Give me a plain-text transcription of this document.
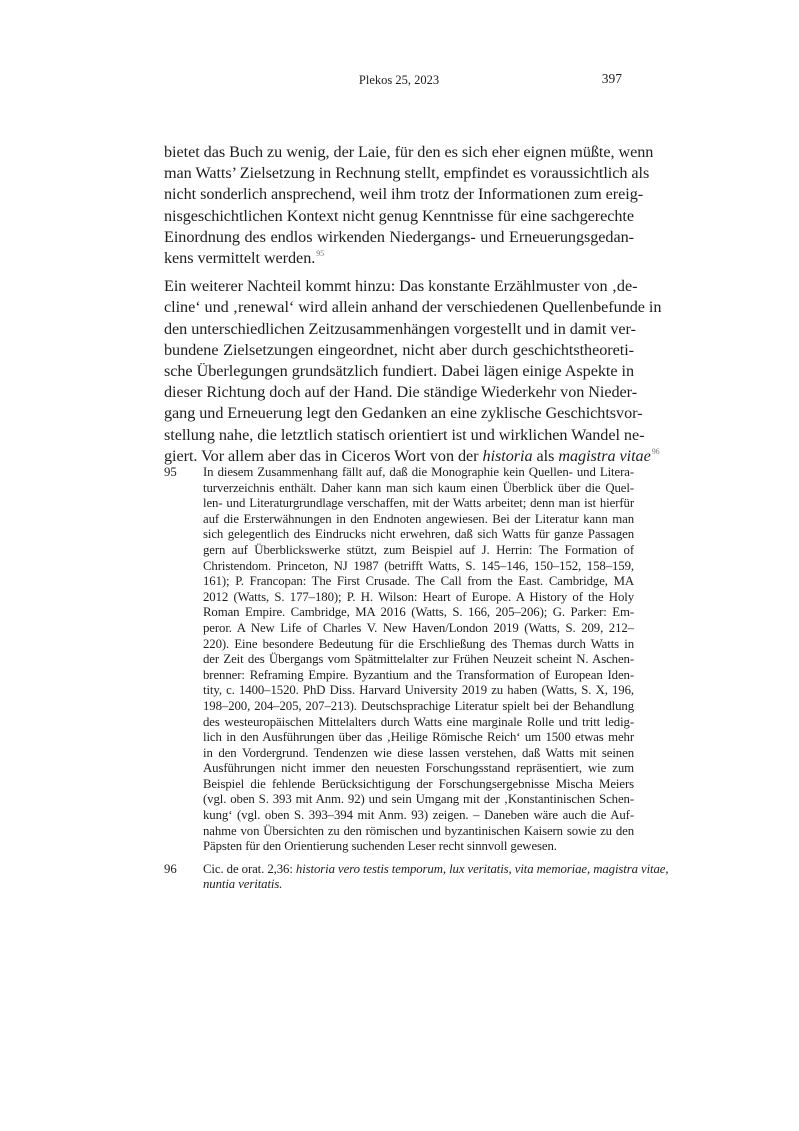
Plekos 25, 2023	397

bietet das Buch zu wenig, der Laie, für den es sich eher eignen müßte, wenn
man Watts’ Zielsetzung in Rechnung stellt, empfindet es voraussichtlich als
nicht sonderlich ansprechend, weil ihm trotz der Informationen zum ereig-
nisgeschichtlichen Kontext nicht genug Kenntnisse für eine sachgerechte
Einordnung des endlos wirkenden Niedergangs- und Erneuerungsgedan-
kens vermittelt werden.$^{95}$

Ein weiterer Nachteil kommt hinzu: Das konstante Erzählmuster von ‚de-
cline‘ und ‚renewal‘ wird allein anhand der verschiedenen Quellenbefunde in
den unterschiedlichen Zeitzusammenhängen vorgestellt und in damit ver-
bundene Zielsetzungen eingeordnet, nicht aber durch geschichtstheoreti-
sche Überlegungen grundsätzlich fundiert. Dabei lägen einige Aspekte in
dieser Richtung doch auf der Hand. Die ständige Wiederkehr von Nieder-
gang und Erneuerung legt den Gedanken an eine zyklische Geschichtsvor-
stellung nahe, die letztlich statisch orientiert ist und wirklichen Wandel ne-
giert. Vor allem aber das in Ciceros Wort von der historia als magistra vitae$^{96}$

95 In diesem Zusammenhang fällt auf, daß die Monographie kein Quellen- und Litera-
turverzeichnis enthält. Daher kann man sich kaum einen Überblick über die Quel-
len- und Literaturgrundlage verschaffen, mit der Watts arbeitet; denn man ist hierfür
auf die Ersterwähnungen in den Endnoten angewiesen. Bei der Literatur kann man
sich gelegentlich des Eindrucks nicht erwehren, daß sich Watts für ganze Passagen
gern auf Überblickswerke stützt, zum Beispiel auf J. Herrin: The Formation of
Christendom. Princeton, NJ 1987 (betrifft Watts, S. 145–146, 150–152, 158–159,
161); P. Francopan: The First Crusade. The Call from the East. Cambridge, MA
2012 (Watts, S. 177–180); P. H. Wilson: Heart of Europe. A History of the Holy
Roman Empire. Cambridge, MA 2016 (Watts, S. 166, 205–206); G. Parker: Em-
peror. A New Life of Charles V. New Haven/London 2019 (Watts, S. 209, 212–
220). Eine besondere Bedeutung für die Erschließung des Themas durch Watts in
der Zeit des Übergangs vom Spätmittelalter zur Frühen Neuzeit scheint N. Aschen-
brenner: Reframing Empire. Byzantium and the Transformation of European Iden-
tity, c. 1400–1520. PhD Diss. Harvard University 2019 zu haben (Watts, S. X, 196,
198–200, 204–205, 207–213). Deutschsprachige Literatur spielt bei der Behandlung
des westeuropäischen Mittelalters durch Watts eine marginale Rolle und tritt ledig-
lich in den Ausführungen über das ‚Heilige Römische Reich‘ um 1500 etwas mehr
in den Vordergrund. Tendenzen wie diese lassen verstehen, daß Watts mit seinen
Ausführungen nicht immer den neuesten Forschungsstand repräsentiert, wie zum
Beispiel die fehlende Berücksichtigung der Forschungsergebnisse Mischa Meiers
(vgl. oben S. 393 mit Anm. 92) und sein Umgang mit der ‚Konstantinischen Schen-
kung‘ (vgl. oben S. 393–394 mit Anm. 93) zeigen. – Daneben wäre auch die Auf-
nahme von Übersichten zu den römischen und byzantinischen Kaisern sowie zu den
Päpsten für den Orientierung suchenden Leser recht sinnvoll gewesen.
96 Cic. de orat. 2,36: historia vero testis temporum, lux veritatis, vita memoriae, magistra vitae,
nuntia veritatis.
